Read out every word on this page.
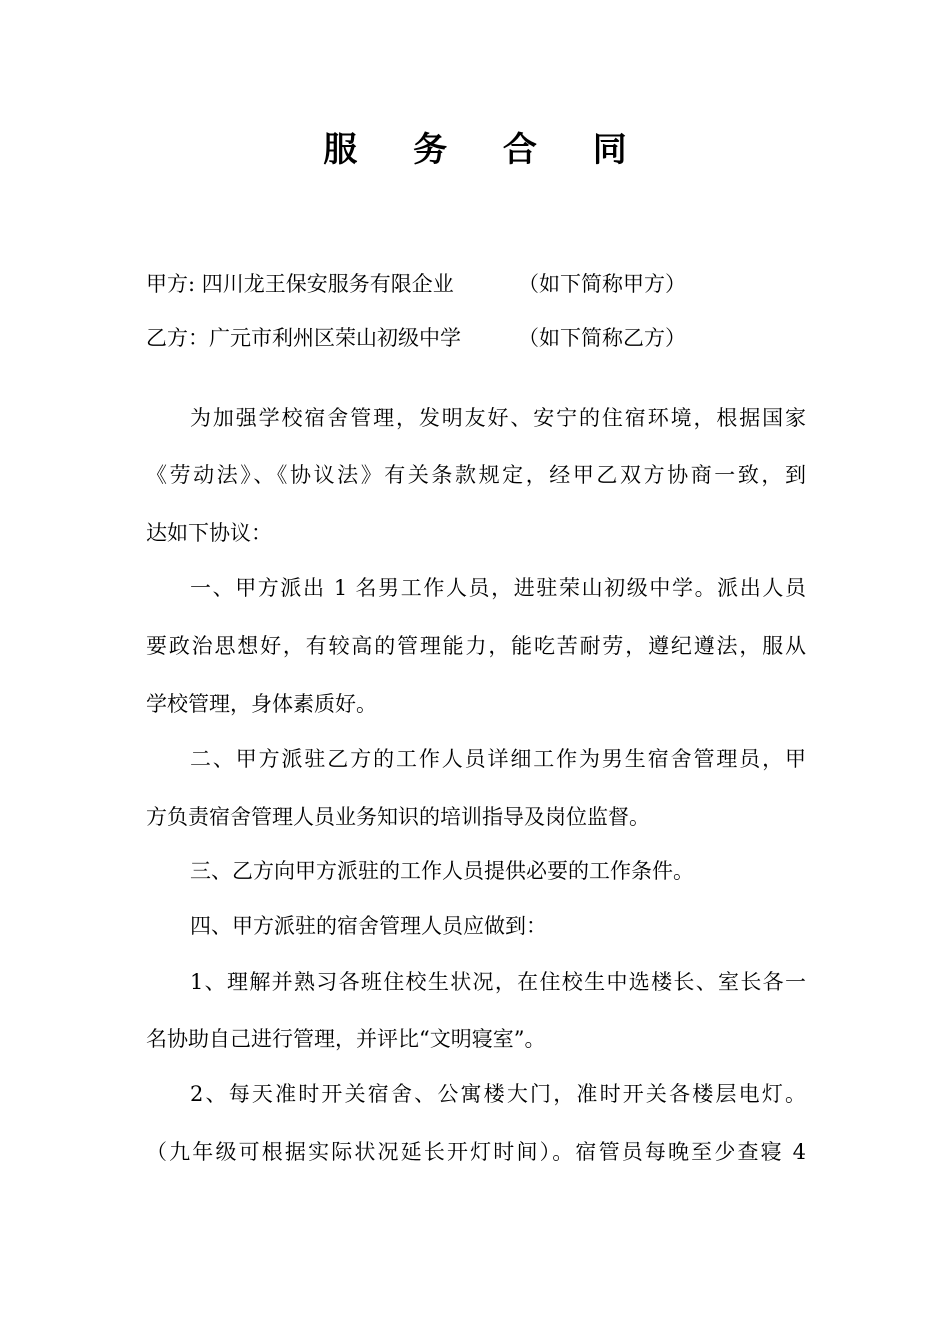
服 务 合 同
甲方: 四川龙王保安服务有限企业	（如下简称甲方）
乙方：广元市利州区荣山初级中学	（如下简称乙方）
为加强学校宿舍管理，发明友好、安宁的住宿环境，根据国家
《劳动法》、《协议法》有关条款规定，经甲乙双方协商一致，到
达如下协议：
一、甲方派出 1 名男工作人员，进驻荣山初级中学。派出人员
要政治思想好，有较高的管理能力，能吃苦耐劳，遵纪遵法，服从
学校管理，身体素质好。
二、甲方派驻乙方的工作人员详细工作为男生宿舍管理员，甲
方负责宿舍管理人员业务知识的培训指导及岗位监督。
三、乙方向甲方派驻的工作人员提供必要的工作条件。
四、甲方派驻的宿舍管理人员应做到：
1、理解并熟习各班住校生状况，在住校生中选楼长、室长各一
名协助自己进行管理，并评比“文明寝室”。
2、每天准时开关宿舍、公寓楼大门，准时开关各楼层电灯。
（九年级可根据实际状况延长开灯时间）。宿管员每晚至少查寝 4
